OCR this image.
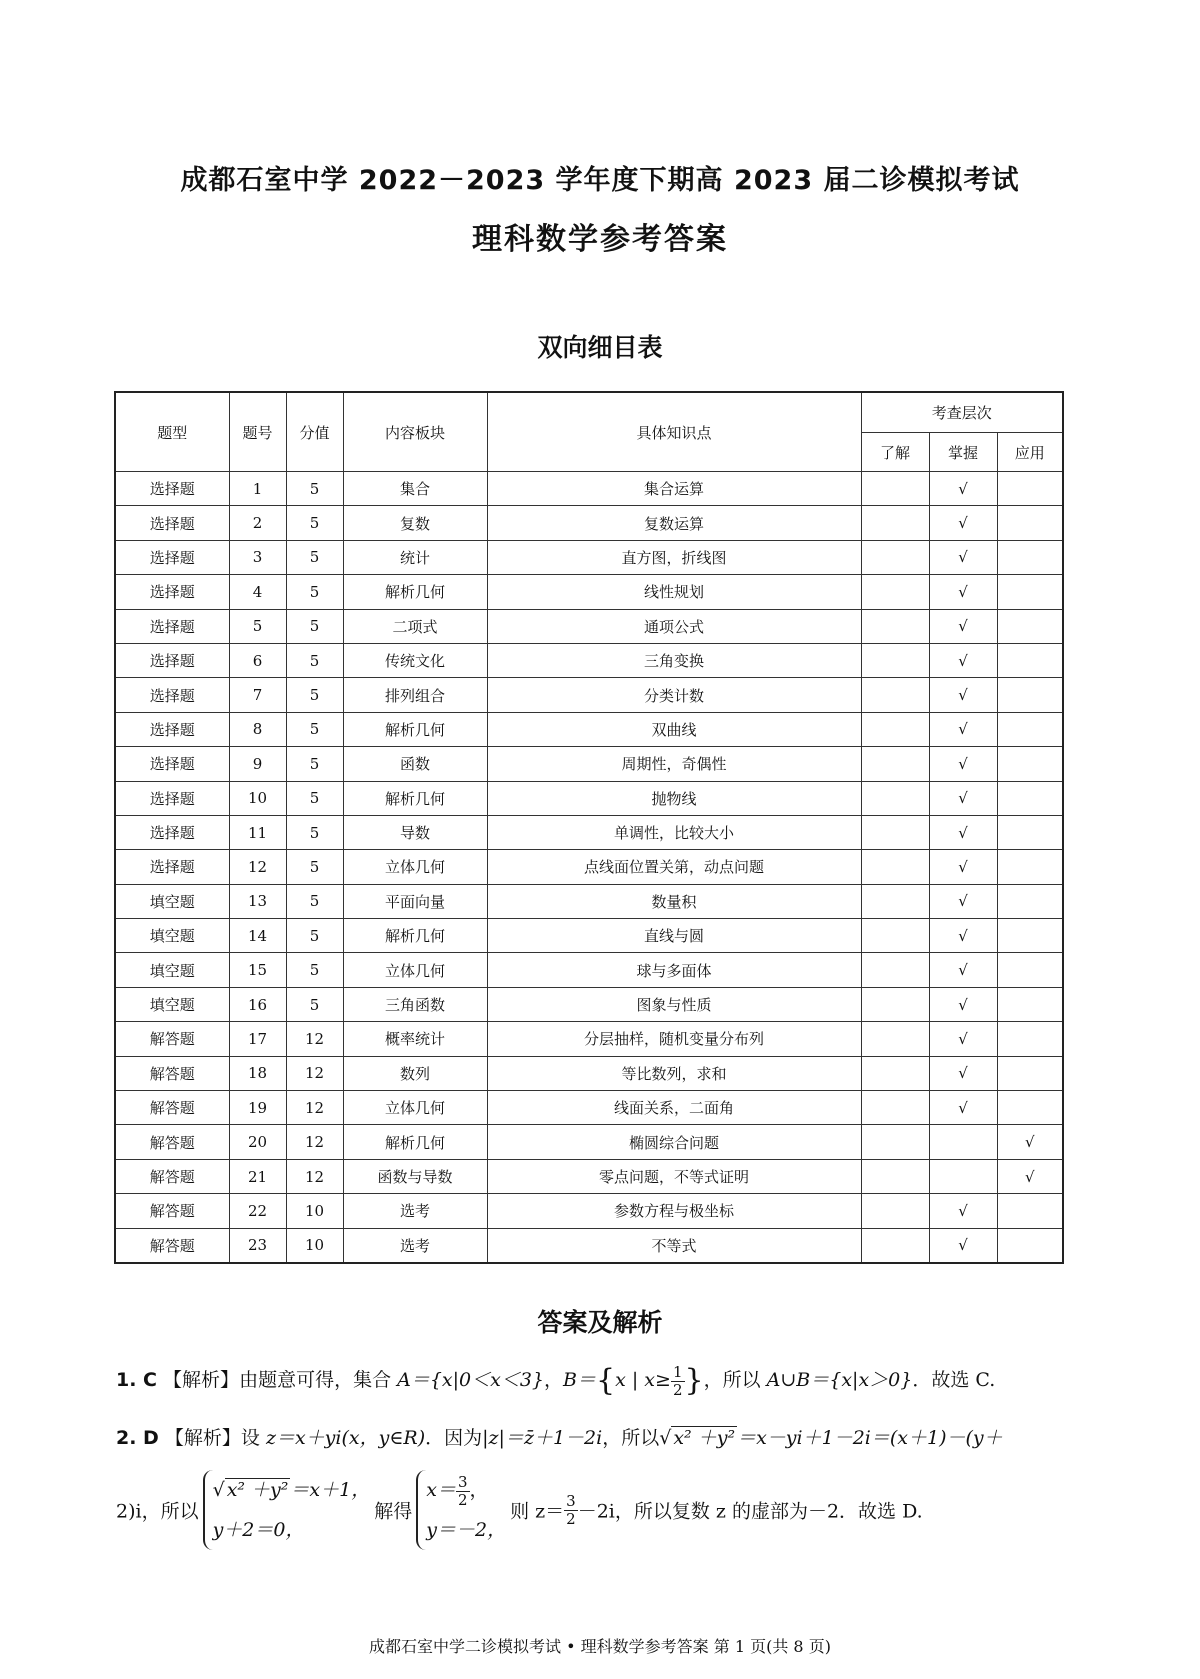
成都石室中学 2022－2023 学年度下期高 2023 届二诊模拟考试
理科数学参考答案
双向细目表
题型	题号	分值	内容板块	具体知识点	考查层次		
					了解	掌握	应用
选择题	1	5	集合	集合运算		√	
选择题	2	5	复数	复数运算		√	
选择题	3	5	统计	直方图，折线图		√	
选择题	4	5	解析几何	线性规划		√	
选择题	5	5	二项式	通项公式		√	
选择题	6	5	传统文化	三角变换		√	
选择题	7	5	排列组合	分类计数		√	
选择题	8	5	解析几何	双曲线		√	
选择题	9	5	函数	周期性，奇偶性		√	
选择题	10	5	解析几何	抛物线		√	
选择题	11	5	导数	单调性，比较大小		√	
选择题	12	5	立体几何	点线面位置关第，动点问题		√	
填空题	13	5	平面向量	数量积		√	
填空题	14	5	解析几何	直线与圆		√	
填空题	15	5	立体几何	球与多面体		√	
填空题	16	5	三角函数	图象与性质		√	
解答题	17	12	概率统计	分层抽样，随机变量分布列		√	
解答题	18	12	数列	等比数列，求和		√	
解答题	19	12	立体几何	线面关系，二面角		√	
解答题	20	12	解析几何	椭圆综合问题			√
解答题	21	12	函数与导数	零点问题，不等式证明			√
解答题	22	10	选考	参数方程与极坐标		√	
解答题	23	10	选考	不等式		√	
答案及解析
1. C 【解析】由题意可得，集合 A＝{x|0＜x＜3}，B＝{x | $x\ge \frac{1}{2}$ }，所以 A∪B＝{x|x＞0}．故选 C.
2. D 【解析】设 z＝x＋yi(x，y∈R)．因为|z|＝z̄＋1－2i，所以√ x² ＋y² ＝x－yi＋1－2i＝(x＋1)－(y＋
2)i，所以
√ x² ＋y² ＝x＋1，
y＋2＝0，
解得
$x= \frac{3}{2}$ ，
y＝－2，
则 $z= \frac{3}{2} -2i$，所以复数 z 的虚部为－2．故选 D.
成都石室中学二诊模拟考试 • 理科数学参考答案 第 1 页(共 8 页)
